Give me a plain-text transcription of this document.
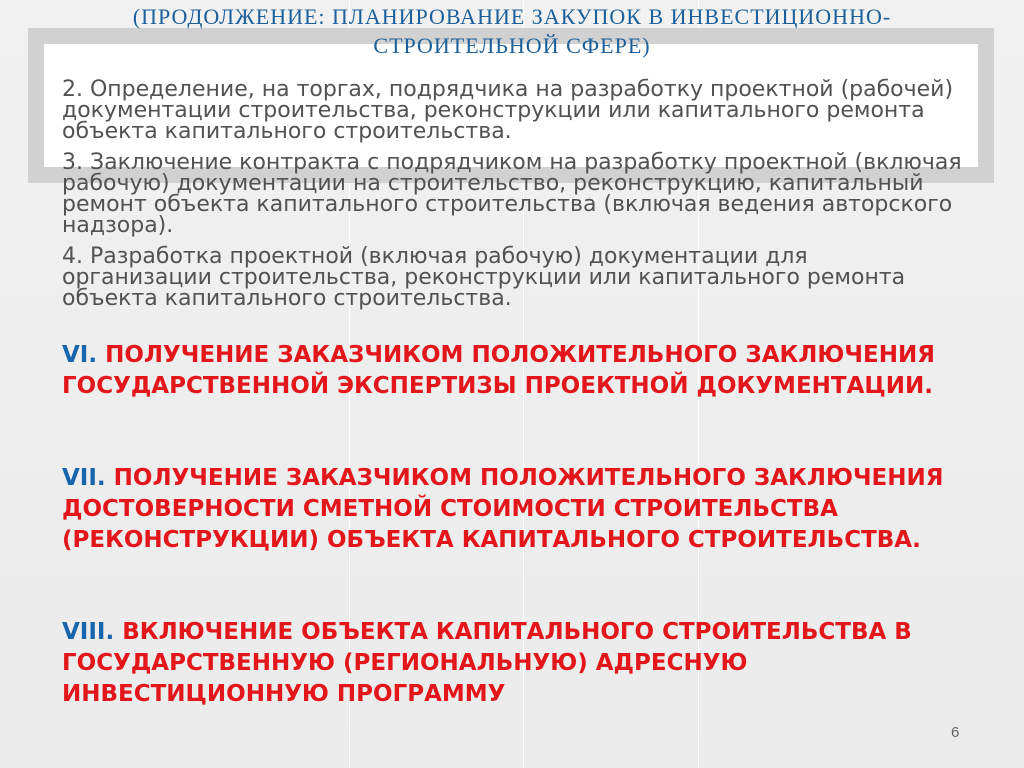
(ПРОДОЛЖЕНИЕ: ПЛАНИРОВАНИЕ ЗАКУПОК В ИНВЕСТИЦИОННО-СТРОИТЕЛЬНОЙ СФЕРЕ)

2. Определение, на торгах, подрядчика на разработку проектной (рабочей) документации строительства, реконструкции или капитального ремонта объекта капитального строительства.

3. Заключение контракта с подрядчиком на разработку проектной (включая рабочую) документации на строительство, реконструкцию, капитальный ремонт объекта капитального строительства (включая ведения авторского надзора).

4. Разработка проектной (включая рабочую) документации для организации строительства, реконструкции или капитального ремонта объекта капитального строительства.

VI. ПОЛУЧЕНИЕ ЗАКАЗЧИКОМ ПОЛОЖИТЕЛЬНОГО ЗАКЛЮЧЕНИЯ ГОСУДАРСТВЕННОЙ ЭКСПЕРТИЗЫ ПРОЕКТНОЙ ДОКУМЕНТАЦИИ.

VII. ПОЛУЧЕНИЕ ЗАКАЗЧИКОМ ПОЛОЖИТЕЛЬНОГО ЗАКЛЮЧЕНИЯ ДОСТОВЕРНОСТИ СМЕТНОЙ СТОИМОСТИ СТРОИТЕЛЬСТВА (РЕКОНСТРУКЦИИ) ОБЪЕКТА КАПИТАЛЬНОГО СТРОИТЕЛЬСТВА.

VIII. ВКЛЮЧЕНИЕ ОБЪЕКТА КАПИТАЛЬНОГО СТРОИТЕЛЬСТВА В ГОСУДАРСТВЕННУЮ (РЕГИОНАЛЬНУЮ) АДРЕСНУЮ ИНВЕСТИЦИОННУЮ ПРОГРАММУ

6
